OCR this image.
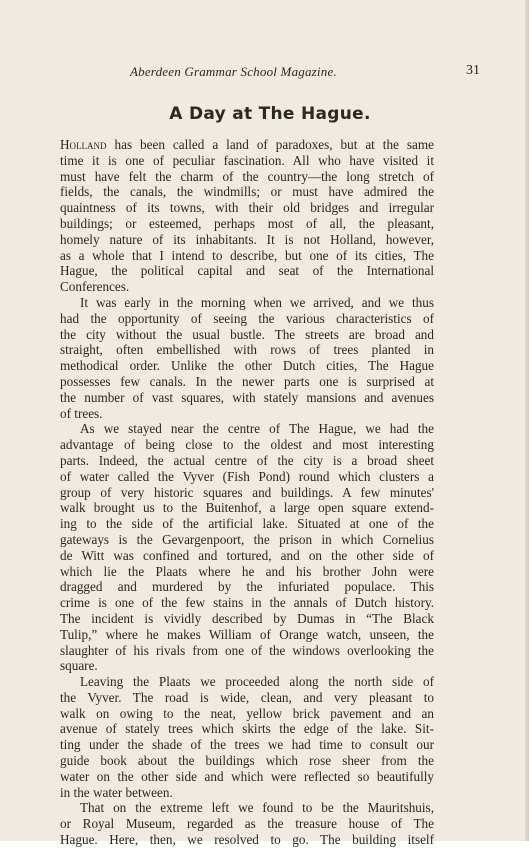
Aberdeen Grammar School Magazine.	31
A Day at The Hague.
Holland has been called a land of paradoxes, but at the same
time it is one of peculiar fascination. All who have visited it
must have felt the charm of the country—the long stretch of
fields, the canals, the windmills; or must have admired the
quaintness of its towns, with their old bridges and irregular
buildings; or esteemed, perhaps most of all, the pleasant,
homely nature of its inhabitants. It is not Holland, however,
as a whole that I intend to describe, but one of its cities, The
Hague, the political capital and seat of the International
Conferences.
It was early in the morning when we arrived, and we thus
had the opportunity of seeing the various characteristics of
the city without the usual bustle. The streets are broad and
straight, often embellished with rows of trees planted in
methodical order. Unlike the other Dutch cities, The Hague
possesses few canals. In the newer parts one is surprised at
the number of vast squares, with stately mansions and avenues
of trees.
As we stayed near the centre of The Hague, we had the
advantage of being close to the oldest and most interesting
parts. Indeed, the actual centre of the city is a broad sheet
of water called the Vyver (Fish Pond) round which clusters a
group of very historic squares and buildings. A few minutes'
walk brought us to the Buitenhof, a large open square extend-
ing to the side of the artificial lake. Situated at one of the
gateways is the Gevargenpoort, the prison in which Cornelius
de Witt was confined and tortured, and on the other side of
which lie the Plaats where he and his brother John were
dragged and murdered by the infuriated populace. This
crime is one of the few stains in the annals of Dutch history.
The incident is vividly described by Dumas in “The Black
Tulip,” where he makes William of Orange watch, unseen, the
slaughter of his rivals from one of the windows overlooking the
square.
Leaving the Plaats we proceeded along the north side of
the Vyver. The road is wide, clean, and very pleasant to
walk on owing to the neat, yellow brick pavement and an
avenue of stately trees which skirts the edge of the lake. Sit-
ting under the shade of the trees we had time to consult our
guide book about the buildings which rose sheer from the
water on the other side and which were reflected so beautifully
in the water between.
That on the extreme left we found to be the Mauritshuis,
or Royal Museum, regarded as the treasure house of The
Hague. Here, then, we resolved to go. The building itself
